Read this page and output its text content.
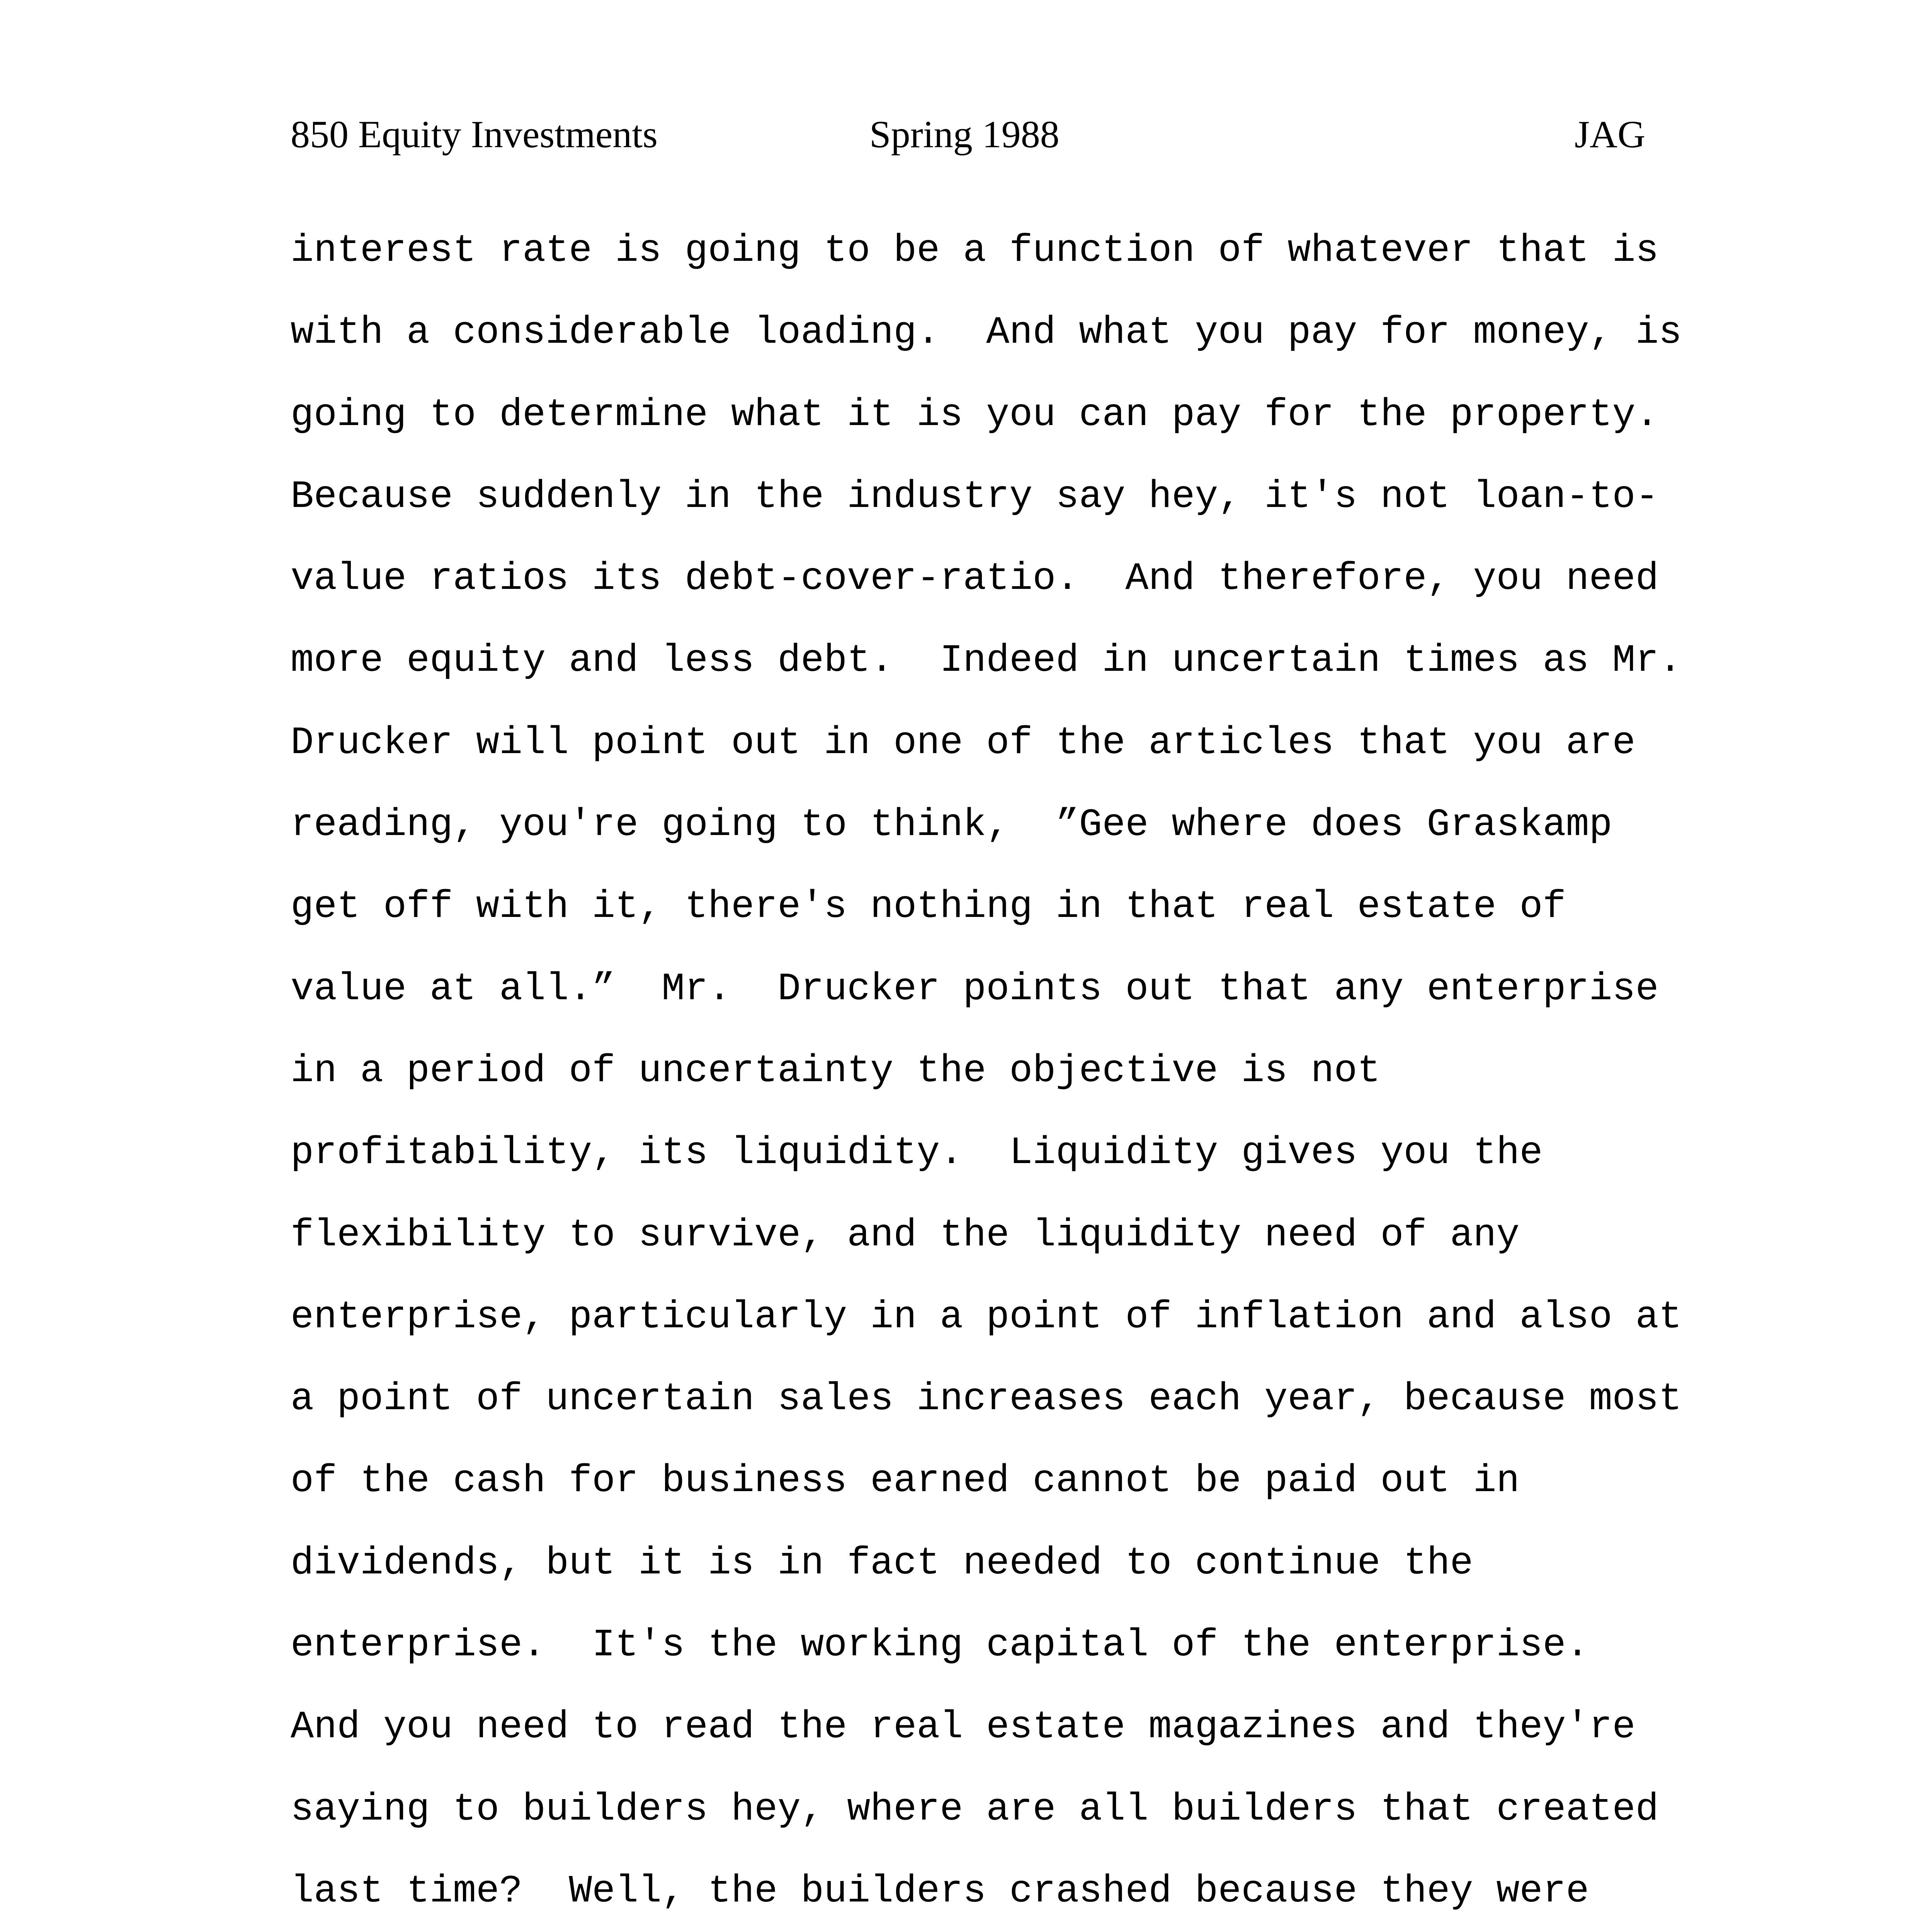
850 Equity Investments	Spring 1988	JAG
interest rate is going to be a function of whatever that is
with a considerable loading.  And what you pay for money, is
going to determine what it is you can pay for the property.
Because suddenly in the industry say hey, it's not loan-to-
value ratios its debt-cover-ratio.  And therefore, you need
more equity and less debt.  Indeed in uncertain times as Mr.
Drucker will point out in one of the articles that you are
reading, you're going to think,  ”Gee where does Graskamp
get off with it, there's nothing in that real estate of
value at all.”  Mr.  Drucker points out that any enterprise
in a period of uncertainty the objective is not
profitability, its liquidity.  Liquidity gives you the
flexibility to survive, and the liquidity need of any
enterprise, particularly in a point of inflation and also at
a point of uncertain sales increases each year, because most
of the cash for business earned cannot be paid out in
dividends, but it is in fact needed to continue the
enterprise.  It's the working capital of the enterprise.
And you need to read the real estate magazines and they're
saying to builders hey, where are all builders that created
last time?  Well, the builders crashed because they were
